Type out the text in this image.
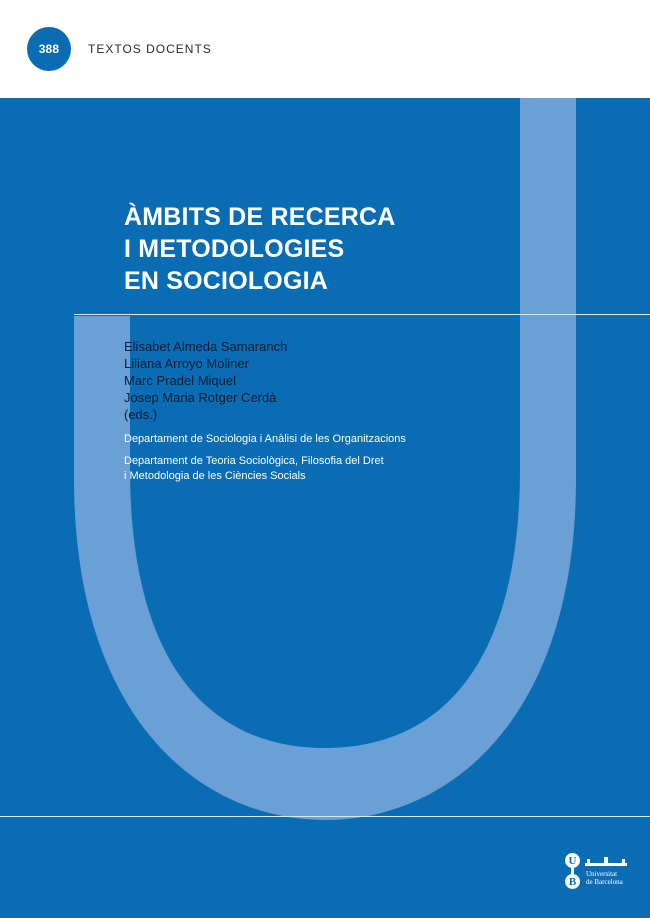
388	TEXTOS DOCENTS
ÀMBITS DE RECERCA
I METODOLOGIES
EN SOCIOLOGIA
Elisabet Almeda Samaranch
Liliana Arroyo Moliner
Marc Pradel Miquel
Josep Maria Rotger Cerdà
(eds.)
Departament de Sociologia i Anàlisi de les Organitzacions
Departament de Teoria Sociològica, Filosofia del Dret
i Metodologia de les Ciències Socials
U
B
Universitat
de Barcelona
